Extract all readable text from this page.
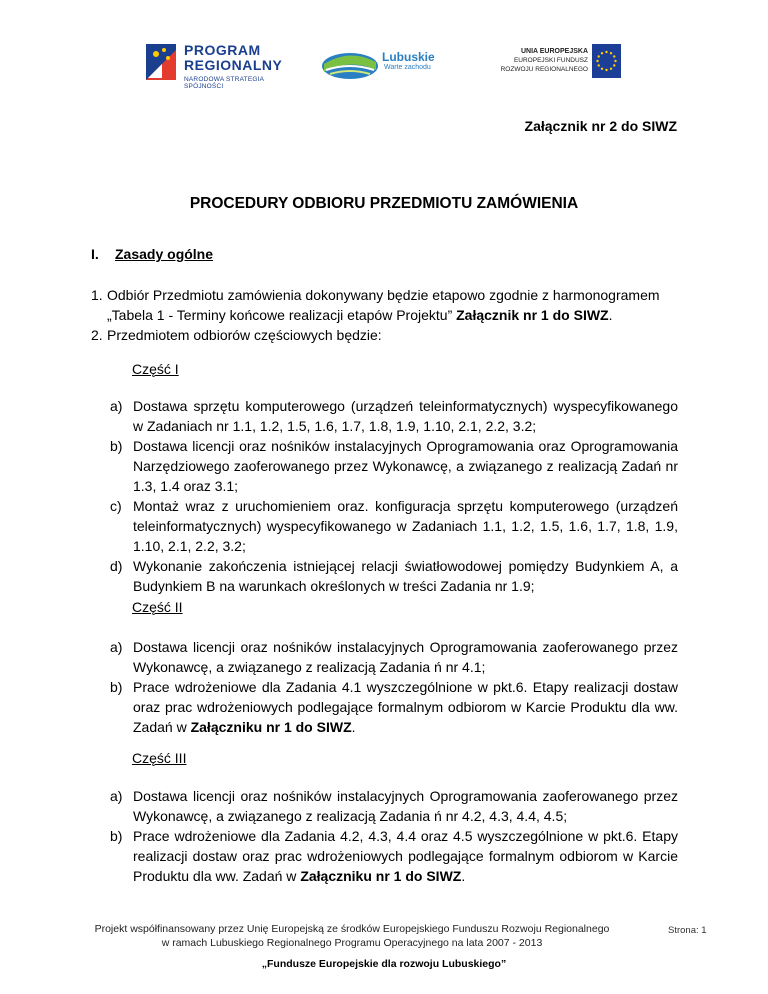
PROGRAM
REGIONALNY
NARODOWA STRATEGIA SPÓJNOŚCI
Lubuskie
Warte zachodu
UNIA EUROPEJSKA
EUROPEJSKI FUNDUSZ
ROZWOJU REGIONALNEGO
Załącznik nr 2 do SIWZ
PROCEDURY ODBIORU PRZEDMIOTU ZAMÓWIENIA
I. Zasady ogólne
1. Odbiór Przedmiotu zamówienia dokonywany będzie etapowo zgodnie z harmonogramem „Tabela 1 - Terminy końcowe realizacji etapów Projektu” Załącznik nr 1 do SIWZ.
2. Przedmiotem odbiorów częściowych będzie:
Część I
a) Dostawa sprzętu komputerowego (urządzeń teleinformatycznych) wyspecyfikowanego w Zadaniach nr 1.1, 1.2, 1.5, 1.6, 1.7, 1.8, 1.9, 1.10, 2.1, 2.2, 3.2;
b) Dostawa licencji oraz nośników instalacyjnych Oprogramowania oraz Oprogramowania Narzędziowego zaoferowanego przez Wykonawcę, a związanego z realizacją Zadań nr 1.3, 1.4 oraz 3.1;
c) Montaż wraz z uruchomieniem oraz. konfiguracja sprzętu komputerowego (urządzeń teleinformatycznych) wyspecyfikowanego w Zadaniach 1.1, 1.2, 1.5, 1.6, 1.7, 1.8, 1.9, 1.10, 2.1, 2.2, 3.2;
d) Wykonanie zakończenia istniejącej relacji światłowodowej pomiędzy Budynkiem A, a Budynkiem B na warunkach określonych w treści Zadania nr 1.9;
Część II
a) Dostawa licencji oraz nośników instalacyjnych Oprogramowania zaoferowanego przez Wykonawcę, a związanego z realizacją Zadania ń nr 4.1;
b) Prace wdrożeniowe dla Zadania 4.1 wyszczególnione w pkt.6. Etapy realizacji dostaw oraz prac wdrożeniowych podlegające formalnym odbiorom w Karcie Produktu dla ww. Zadań w Załączniku nr 1 do SIWZ.
Część III
a) Dostawa licencji oraz nośników instalacyjnych Oprogramowania zaoferowanego przez Wykonawcę, a związanego z realizacją Zadania ń nr 4.2, 4.3, 4.4, 4.5;
b) Prace wdrożeniowe dla Zadania 4.2, 4.3, 4.4 oraz 4.5 wyszczególnione w pkt.6. Etapy realizacji dostaw oraz prac wdrożeniowych podlegające formalnym odbiorom w Karcie Produktu dla ww. Zadań w Załączniku nr 1 do SIWZ.
Projekt współfinansowany przez Unię Europejską ze środków Europejskiego Funduszu Rozwoju Regionalnego
w ramach Lubuskiego Regionalnego Programu Operacyjnego na lata 2007 - 2013
Strona: 1
„Fundusze Europejskie dla rozwoju Lubuskiego”
